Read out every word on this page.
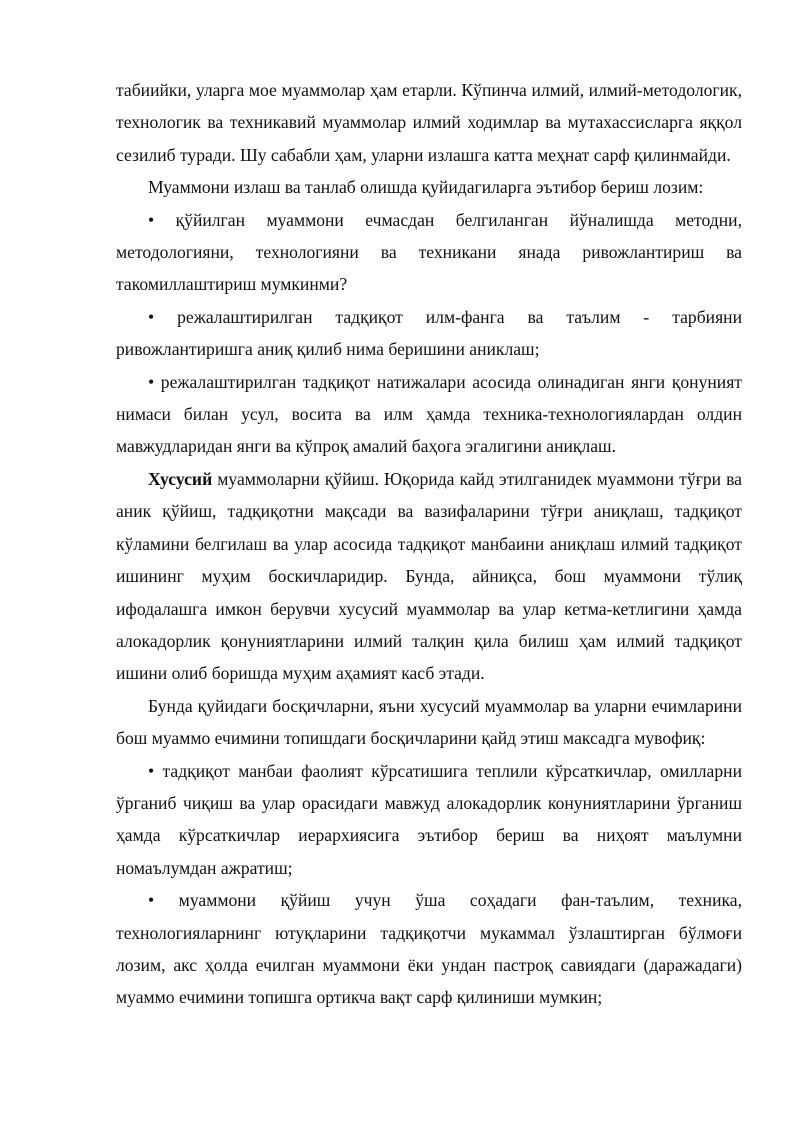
табиийки, уларга мое муаммолар ҳам етарли. Кўпинча илмий, илмий-методологик, технологик ва техникавий муаммолар илмий ходимлар ва мутахассисларга яққол сезилиб туради. Шу сабабли ҳам, уларни излашга катта меҳнат сарф қилинмайди.

Муаммони излаш ва танлаб олишда қуйидагиларга эътибор бериш лозим:

• қўйилган муаммони ечмасдан белгиланган йўналишда методни, методологияни, технологияни ва техникани янада ривожлантириш ва такомиллаштириш мумкинми?

• режалаштирилган тадқиқот илм-фанга ва таълим - тарбияни ривожлантиришга аниқ қилиб нима беришини аниклаш;

• режалаштирилган тадқиқот натижалари асосида олинадиган янги қонуният нимаси билан усул, восита ва илм ҳамда техника-технологиялардан олдин мавжудларидан янги ва кўпроқ амалий баҳога эгалигини аниқлаш.

Хусусий муаммоларни қўйиш. Юқорида кайд этилганидек муаммони тўғри ва аник қўйиш, тадқиқотни мақсади ва вазифаларини тўғри аниқлаш, тадқиқот кўламини белгилаш ва улар асосида тадқиқот манбаини аниқлаш илмий тадқиқот ишининг муҳим боскичларидир. Бунда, айниқса, бош муаммони тўлиқ ифодалашга имкон берувчи хусусий муаммолар ва улар кетма-кетлигини ҳамда алокадорлик қонуниятларини илмий талқин қила билиш ҳам илмий тадқиқот ишини олиб боришда муҳим аҳамият касб этади.

Бунда қуйидаги босқичларни, яъни хусусий муаммолар ва уларни ечимларини бош муаммо ечимини топишдаги босқичларини қайд этиш максадга мувофиқ:

• тадқиқот манбаи фаолият кўрсатишига теплили кўрсаткичлар, омилларни ўрганиб чиқиш ва улар орасидаги мавжуд алокадорлик конуниятларини ўрганиш ҳамда кўрсаткичлар иерархиясига эътибор бериш ва ниҳоят маълумни номаълумдан ажратиш;

• муаммони қўйиш учун ўша соҳадаги фан-таълим, техника, технологияларнинг ютуқларини тадқиқотчи мукаммал ўзлаштирган бўлмоғи лозим, акс ҳолда ечилган муаммони ёки ундан пастроқ савиядаги (даражадаги) муаммо ечимини топишга ортикча вақт сарф қилиниши мумкин;
